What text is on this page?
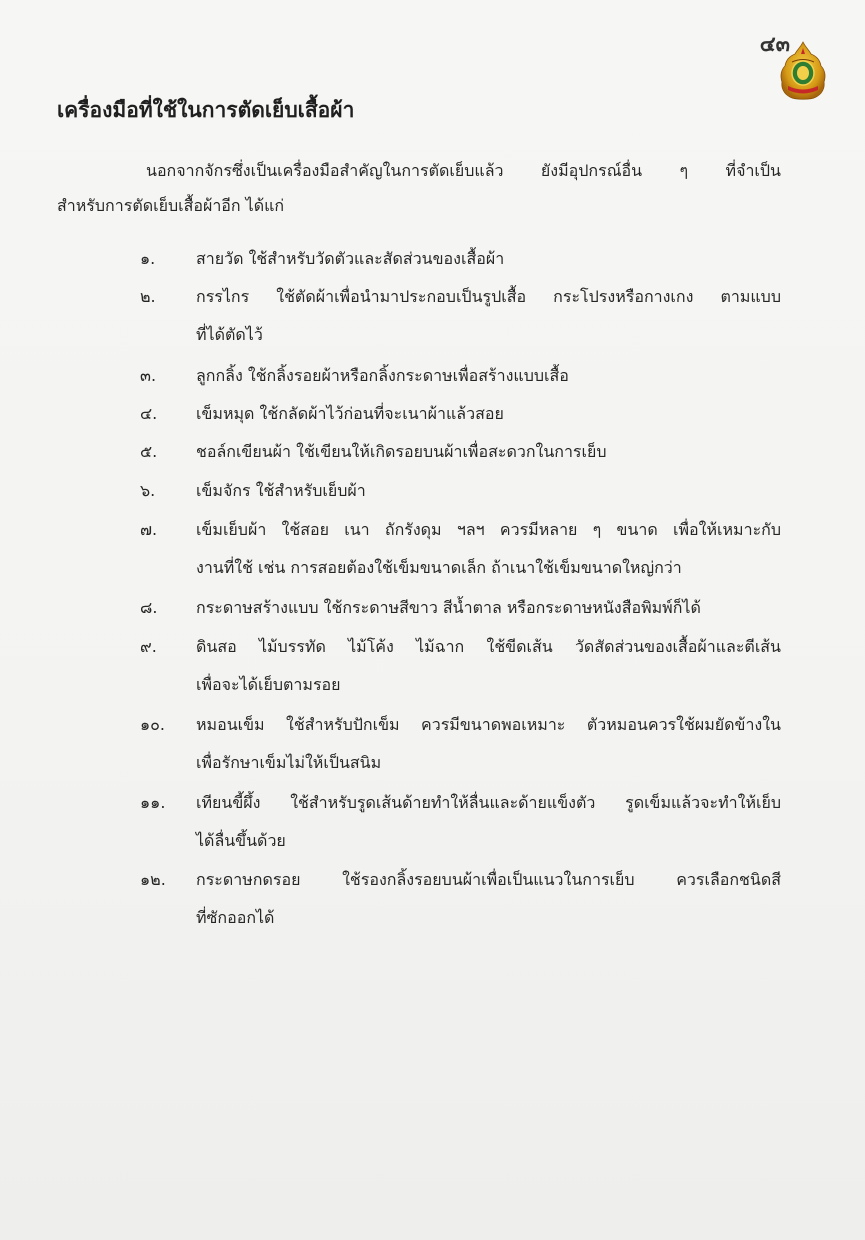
๔๓
เครื่องมือที่ใช้ในการตัดเย็บเสื้อผ้า
นอกจากจักรซึ่งเป็นเครื่องมือสำคัญในการตัดเย็บแล้ว ยังมีอุปกรณ์อื่น ๆ ที่จำเป็น
สำหรับการตัดเย็บเสื้อผ้าอีก ได้แก่
๑.	สายวัด ใช้สำหรับวัดตัวและสัดส่วนของเสื้อผ้า
๒.	กรรไกร ใช้ตัดผ้าเพื่อนำมาประกอบเป็นรูปเสื้อ กระโปรงหรือกางเกง ตามแบบ
ที่ได้ตัดไว้
๓.	ลูกกลิ้ง ใช้กลิ้งรอยผ้าหรือกลิ้งกระดาษเพื่อสร้างแบบเสื้อ
๔.	เข็มหมุด ใช้กลัดผ้าไว้ก่อนที่จะเนาผ้าแล้วสอย
๕.	ชอล์กเขียนผ้า ใช้เขียนให้เกิดรอยบนผ้าเพื่อสะดวกในการเย็บ
๖.	เข็มจักร ใช้สำหรับเย็บผ้า
๗.	เข็มเย็บผ้า ใช้สอย เนา ถักรังดุม ฯลฯ ควรมีหลาย ๆ ขนาด เพื่อให้เหมาะกับ
งานที่ใช้ เช่น การสอยต้องใช้เข็มขนาดเล็ก ถ้าเนาใช้เข็มขนาดใหญ่กว่า
๘.	กระดาษสร้างแบบ ใช้กระดาษสีขาว สีน้ำตาล หรือกระดาษหนังสือพิมพ์ก็ได้
๙.	ดินสอ ไม้บรรทัด ไม้โค้ง ไม้ฉาก ใช้ขีดเส้น วัดสัดส่วนของเสื้อผ้าและตีเส้น
เพื่อจะได้เย็บตามรอย
๑๐.	หมอนเข็ม ใช้สำหรับปักเข็ม ควรมีขนาดพอเหมาะ ตัวหมอนควรใช้ผมยัดข้างใน
เพื่อรักษาเข็มไม่ให้เป็นสนิม
๑๑.	เทียนขี้ผึ้ง ใช้สำหรับรูดเส้นด้ายทำให้ลื่นและด้ายแข็งตัว รูดเข็มแล้วจะทำให้เย็บ
ได้ลื่นขึ้นด้วย
๑๒.	กระดาษกดรอย ใช้รองกลิ้งรอยบนผ้าเพื่อเป็นแนวในการเย็บ ควรเลือกชนิดสี
ที่ซักออกได้
